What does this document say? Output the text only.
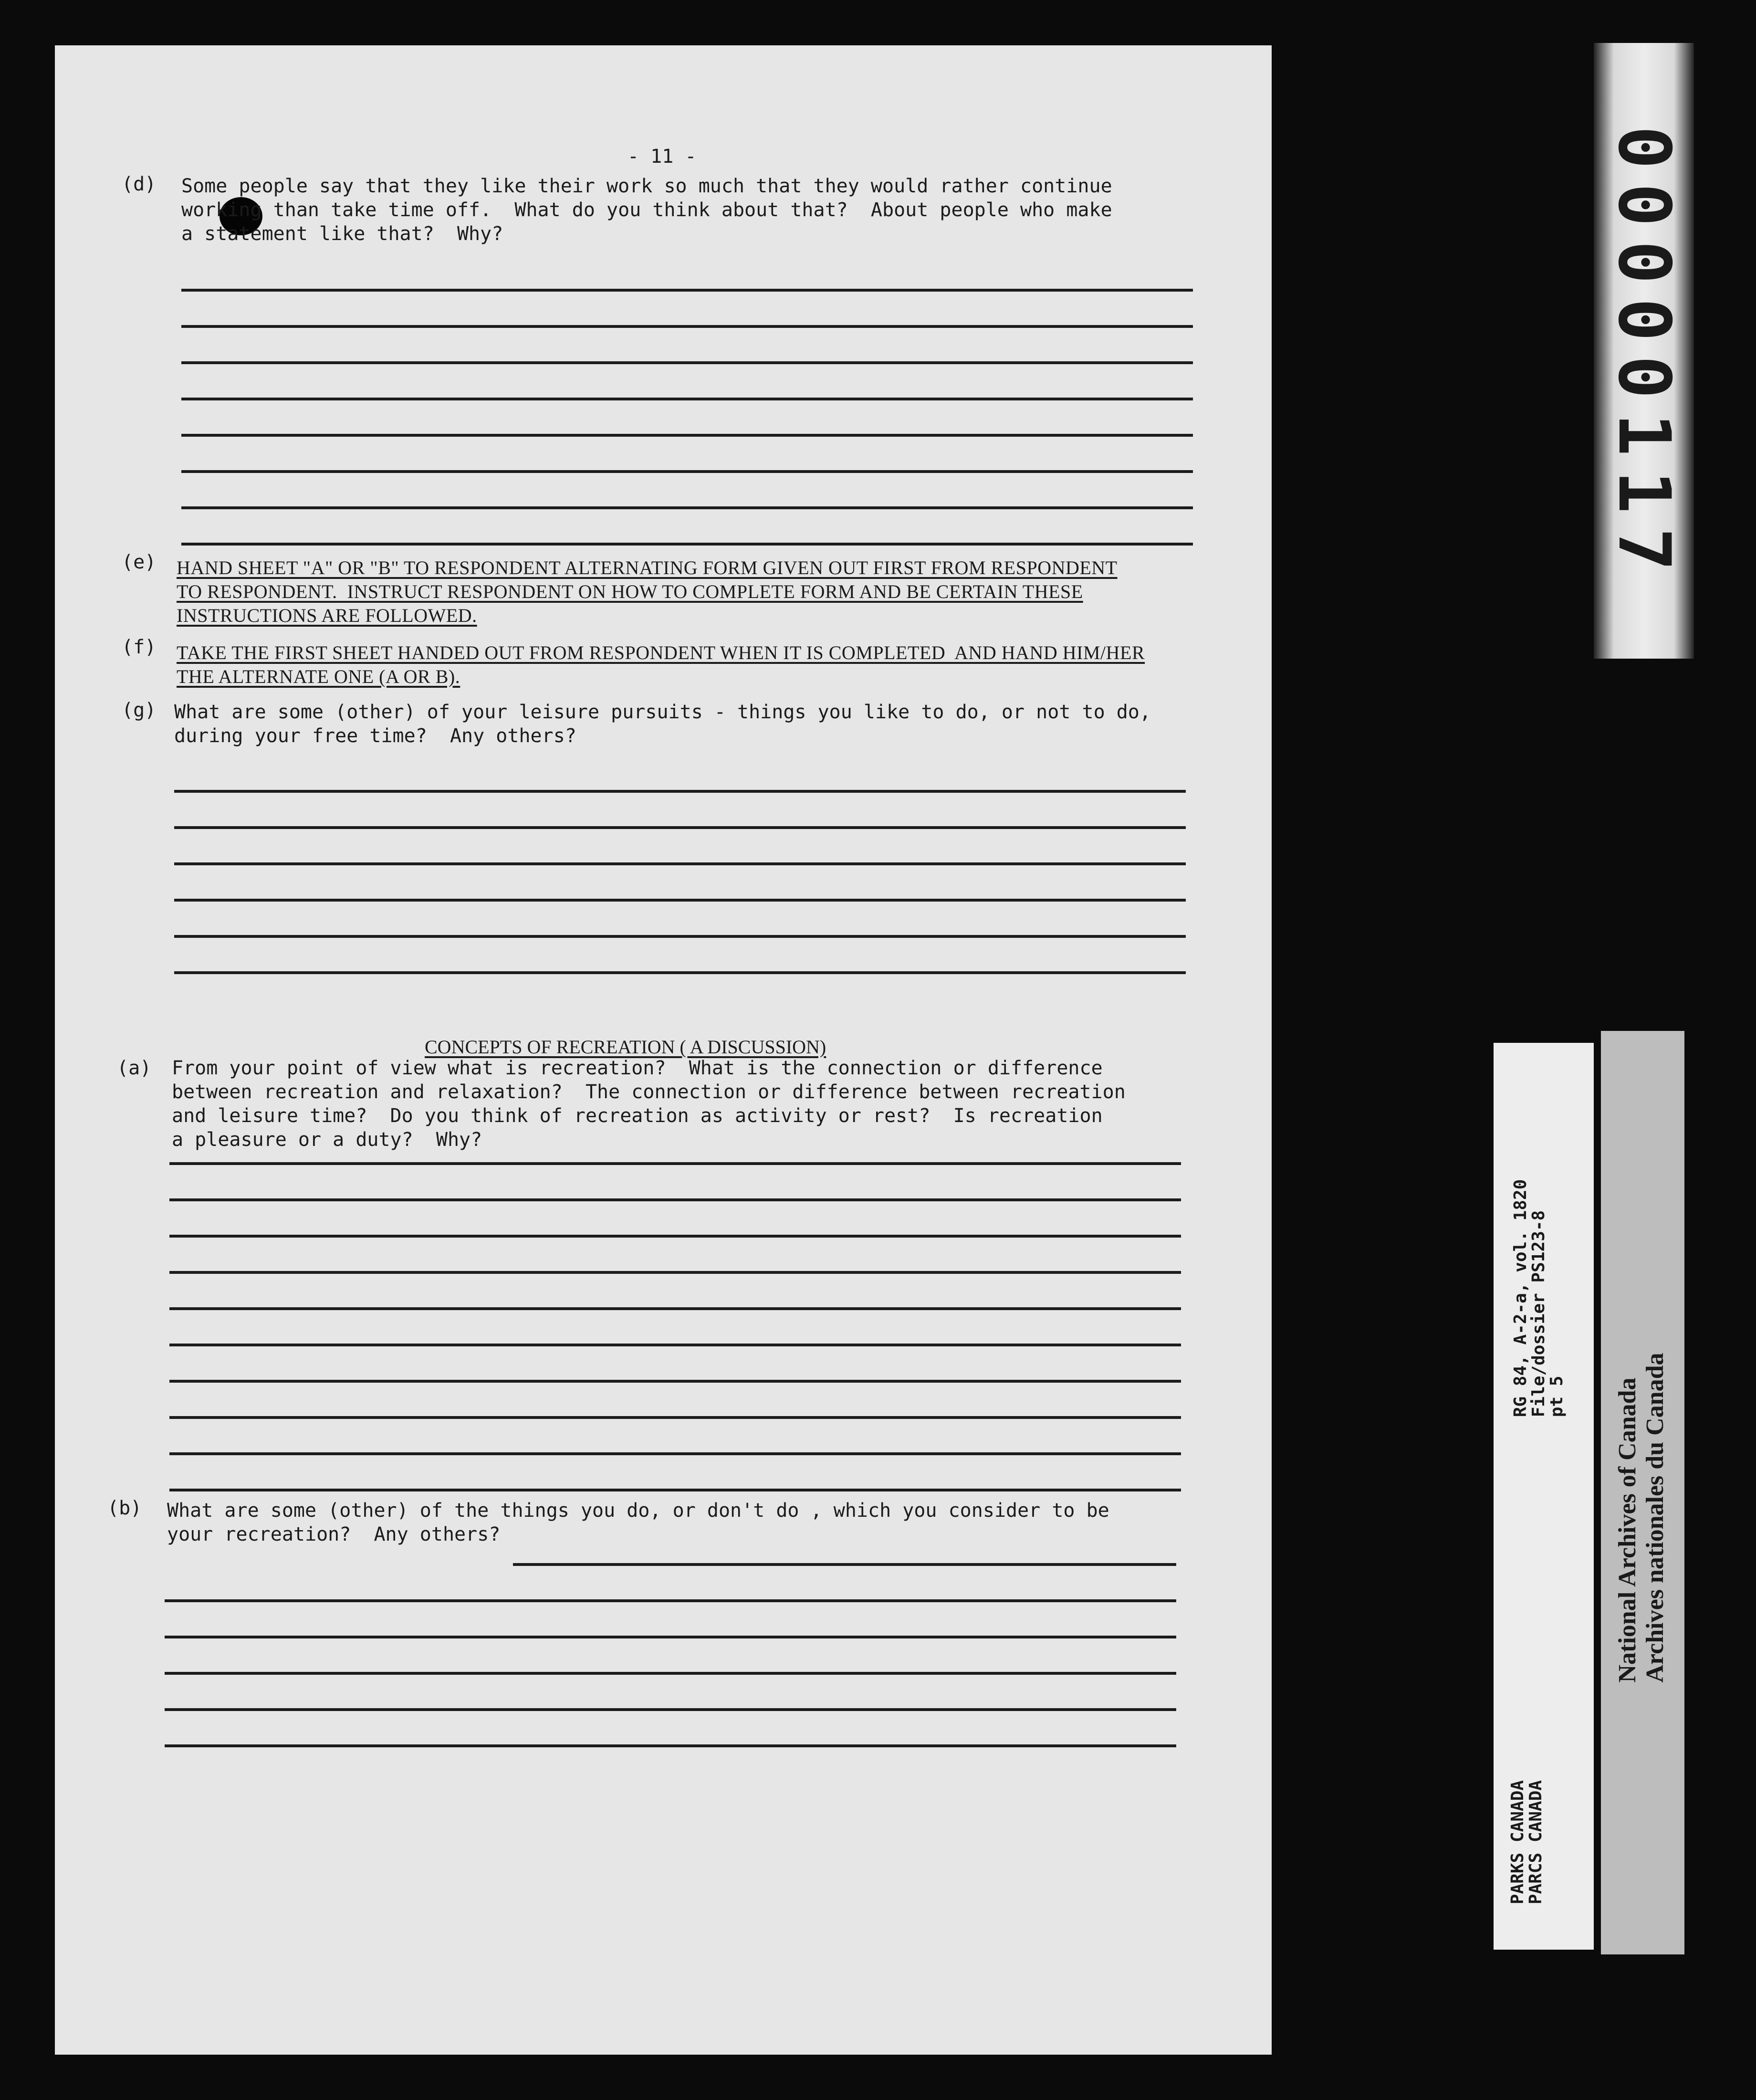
- 11 -
(d) Some people say that they like their work so much that they would rather continue

working than take time off.  What do you think about that?  About people who make

a statement like that?  Why?

(e) HAND SHEET "A" OR "B" TO RESPONDENT ALTERNATING FORM GIVEN OUT FIRST FROM RESPONDENT

TO RESPONDENT.  INSTRUCT RESPONDENT ON HOW TO COMPLETE FORM AND BE CERTAIN THESE

INSTRUCTIONS ARE FOLLOWED.

(f) TAKE THE FIRST SHEET HANDED OUT FROM RESPONDENT WHEN IT IS COMPLETED  AND HAND HIM/HER

THE ALTERNATE ONE (A OR B).

(g) What are some (other) of your leisure pursuits - things you like to do, or not to do,

during your free time?  Any others?

CONCEPTS OF RECREATION ( A DISCUSSION)
(a) From your point of view what is recreation?  What is the connection or difference

between recreation and relaxation?  The connection or difference between recreation

and leisure time?  Do you think of recreation as activity or rest?  Is recreation

a pleasure or a duty?  Why?

(b) What are some (other) of the things you do, or don't do , which you consider to be

your recreation?  Any others?

00000117

RG 84, A-2-a, vol. 1820

File/dossier PS123-8

pt 5

PARKS CANADA

PARCS CANADA

National Archives of Canada Archives nationales du Canada
